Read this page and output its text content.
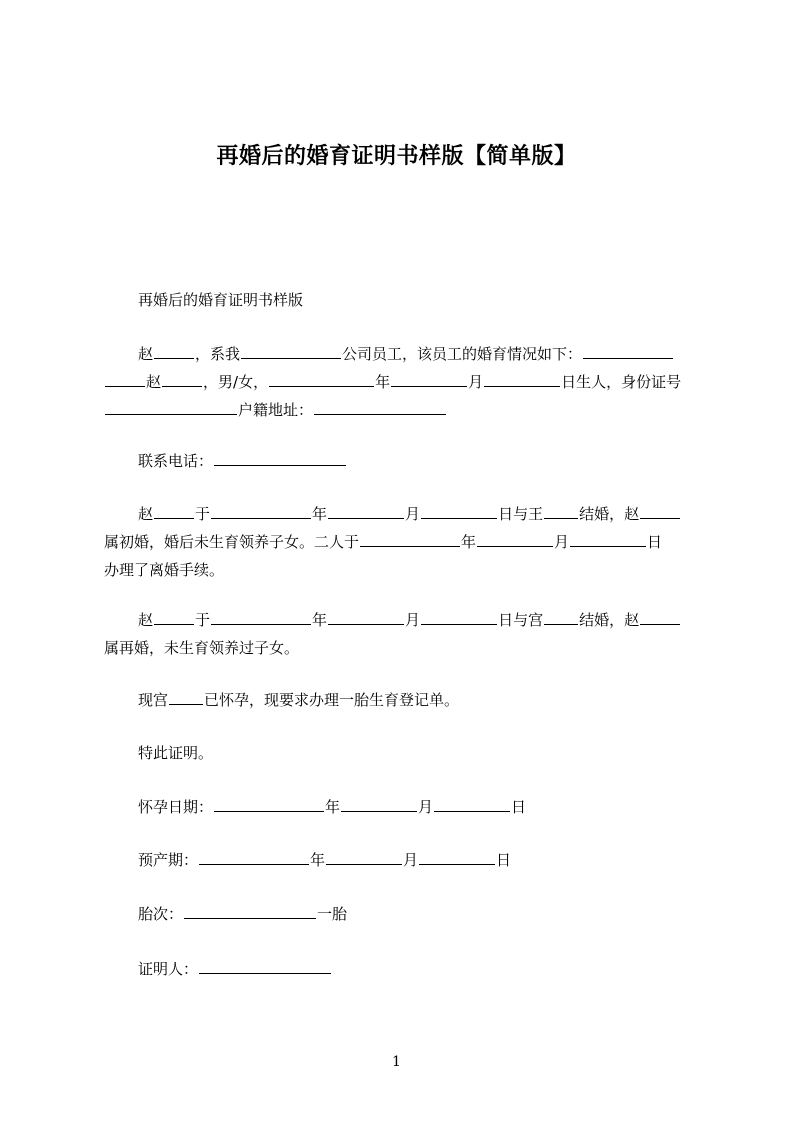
再婚后的婚育证明书样版【简单版】
再婚后的婚育证明书样版
赵	，系我	公司员工，该员工的婚育情况如下：
赵	，男/女，	年	月	日生人，身份证号
户籍地址：
联系电话：
赵	于	年	月	日与王 结婚，赵
属初婚，婚后未生育领养子女。二人于	年	月	日
办理了离婚手续。
赵	于	年	月	日与宫 结婚，赵
属再婚，未生育领养过子女。
现宫 已怀孕，现要求办理一胎生育登记单。
特此证明。
怀孕日期：	年	月	日
预产期：	年	月	日
胎次：	一胎
证明人：
1
